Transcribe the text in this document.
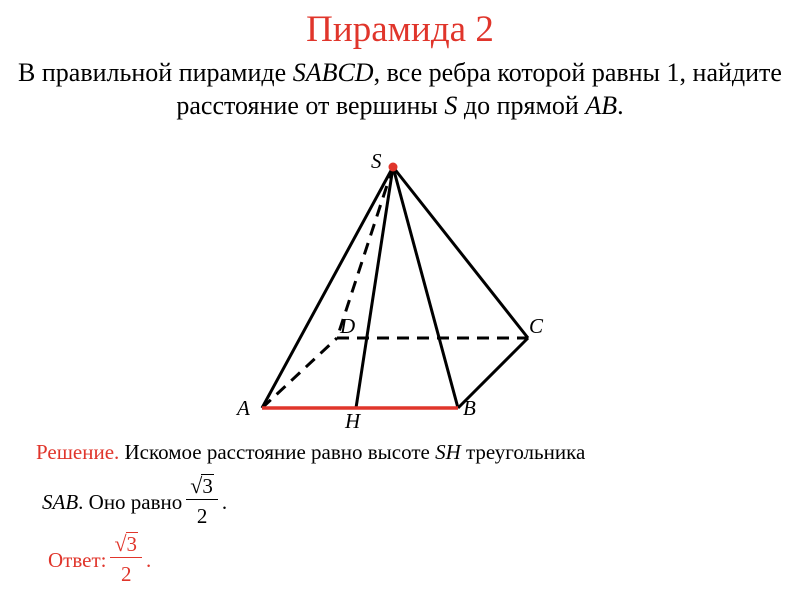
Пирамида 2
В правильной пирамиде SABCD, все ребра которой равны 1, найдите расстояние от вершины S до прямой AB.
S
A	B
C
D
H
Решение. Искомое расстояние равно высоте SH треугольника
SAB . Оно равно $\frac{√ 3}{2}$ .
Ответ: $\frac{√ 3}{2}$ .
